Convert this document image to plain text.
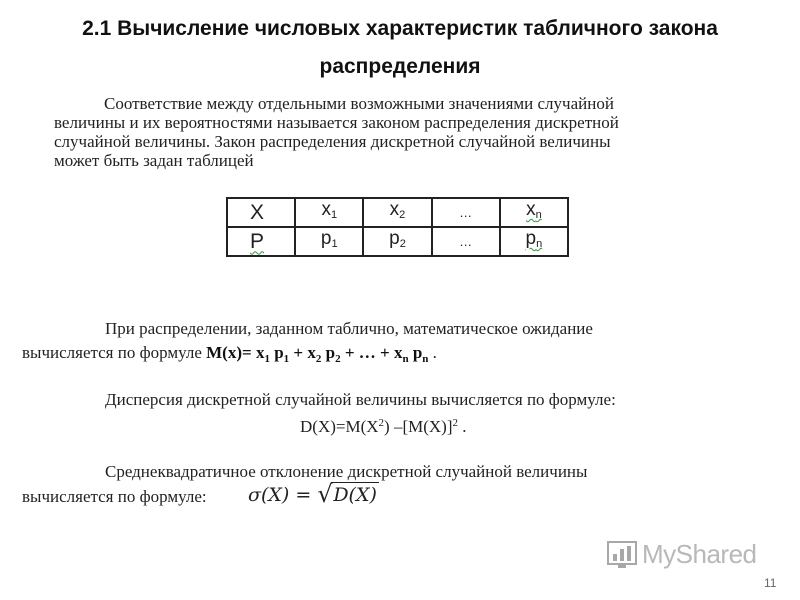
2.1 Вычисление числовых характеристик табличного закона
распределения
Соответствие между отдельными возможными значениями случайной величины и их вероятностями называется законом распределения дискретной случайной величины. Закон распределения дискретной случайной величины может быть задан таблицей
X	$x_1$	$x_2$	…	$x_n$
P	$p_1$	$p_2$	…	$p_n$
При распределении, заданном таблично, математическое ожидание
вычисляется по формуле $M(x)= x_1$ $p_1 + x_2$ $p_2$ + … + $x_n$ $p_n$ .
Дисперсия дискретной случайной величины вычисляется по формуле:
$D(X)=M(X^2)$ $-[M(X)]^2$ .
Среднеквадратичное отклонение дискретной случайной величины
вычисляется по формуле: σ(X) = √ D(X)
MyShared
11
